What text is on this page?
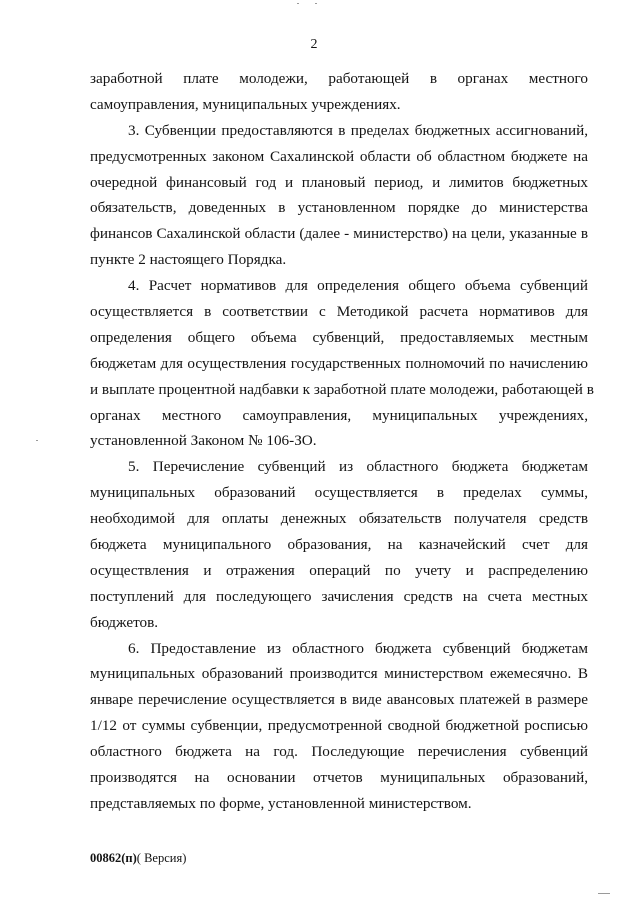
2

заработной плате молодежи, работающей в органах местного
самоуправления, муниципальных учреждениях.

3. Субвенции предоставляются в пределах бюджетных ассигнований,
предусмотренных законом Сахалинской области об областном бюджете на
очередной финансовый год и плановый период, и лимитов бюджетных
обязательств, доведенных в установленном порядке до министерства
финансов Сахалинской области (далее - министерство) на цели, указанные в
пункте 2 настоящего Порядка.

4. Расчет нормативов для определения общего объема субвенций
осуществляется в соответствии с Методикой расчета нормативов для
определения общего объема субвенций, предоставляемых местным
бюджетам для осуществления государственных полномочий по начислению
и выплате процентной надбавки к заработной плате молодежи, работающей в
органах местного самоуправления, муниципальных учреждениях,
установленной Законом № 106-ЗО.

5. Перечисление субвенций из областного бюджета бюджетам
муниципальных образований осуществляется в пределах суммы,
необходимой для оплаты денежных обязательств получателя средств
бюджета муниципального образования, на казначейский счет для
осуществления и отражения операций по учету и распределению
поступлений для последующего зачисления средств на счета местных
бюджетов.

6. Предоставление из областного бюджета субвенций бюджетам
муниципальных образований производится министерством ежемесячно. В
январе перечисление осуществляется в виде авансовых платежей в размере
1/12 от суммы субвенции, предусмотренной сводной бюджетной росписью
областного бюджета на год. Последующие перечисления субвенций
производятся на основании отчетов муниципальных образований,
представляемых по форме, установленной министерством.

00862(п)( Версия)
